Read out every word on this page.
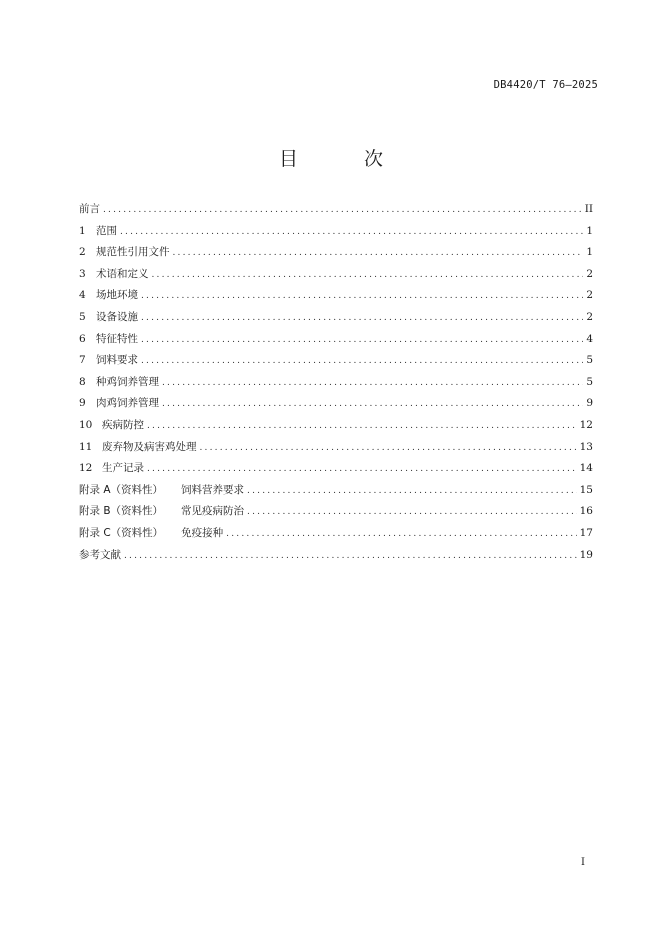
DB4420/T 76—2025
目 次
前言 .....	II
1 范围 .....	1
2 规范性引用文件 .....	1
3 术语和定义 .....	2
4 场地环境 .....	2
5 设备设施 .....	2
6 特征特性 .....	4
7 饲料要求 .....	5
8 种鸡饲养管理 .....	5
9 肉鸡饲养管理 .....	9
10 疾病防控 .....	12
11 废弃物及病害鸡处理 .....	13
12 生产记录 .....	14
附录 A（资料性） 饲料营养要求 .....	15
附录 B（资料性） 常见疫病防治 .....	16
附录 C（资料性） 免疫接种 .....	17
参考文献 .....	19
I
